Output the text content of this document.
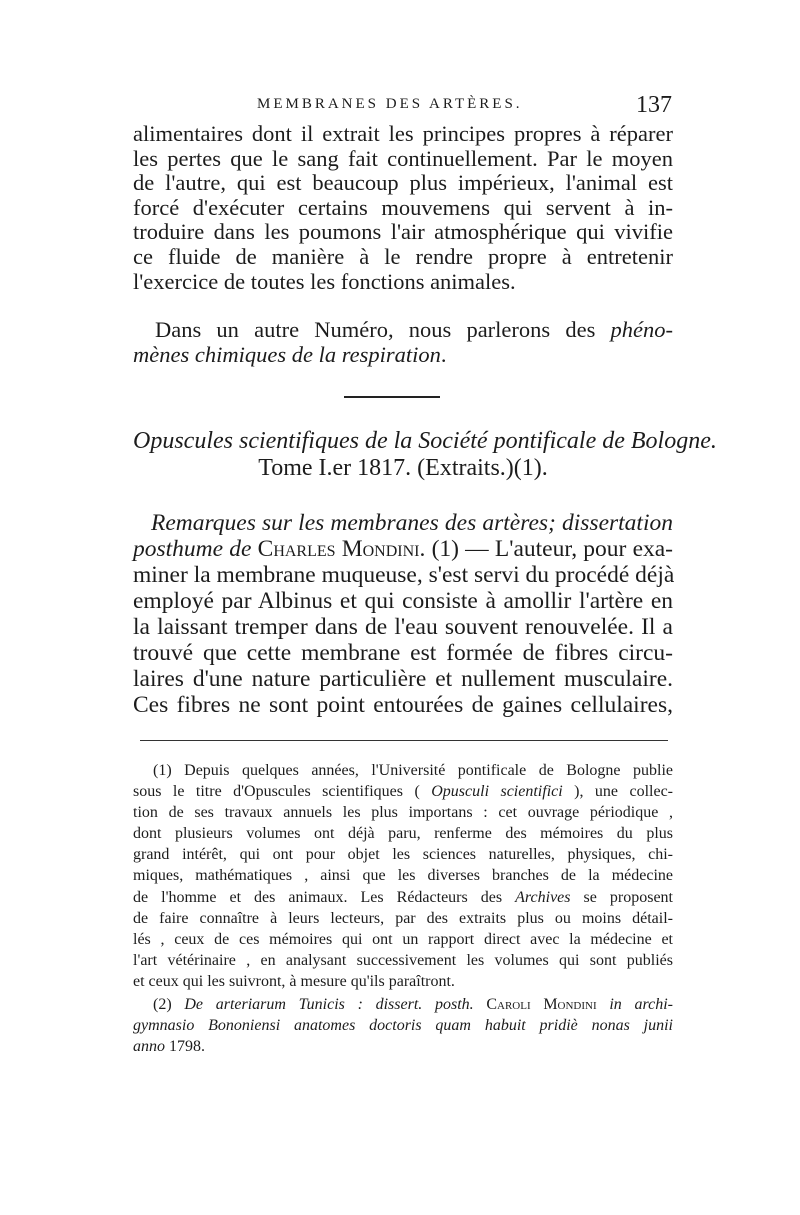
MEMBRANES DES ARTÈRES.	137
alimentaires dont il extrait les principes propres à réparer
les pertes que le sang fait continuellement. Par le moyen
de l'autre, qui est beaucoup plus impérieux, l'animal est
forcé d'exécuter certains mouvemens qui servent à in-
troduire dans les poumons l'air atmosphérique qui vivifie
ce fluide de manière à le rendre propre à entretenir
l'exercice de toutes les fonctions animales.
Dans un autre Numéro, nous parlerons des phéno-
mènes chimiques de la respiration.
Opuscules scientifiques de la Société pontificale de Bologne.
Tome I.er 1817. (Extraits.)(1).
Remarques sur les membranes des artères; dissertation
posthume de Charles Mondini. (1) — L'auteur, pour exa-
miner la membrane muqueuse, s'est servi du procédé déjà
employé par Albinus et qui consiste à amollir l'artère en
la laissant tremper dans de l'eau souvent renouvelée. Il a
trouvé que cette membrane est formée de fibres circu-
laires d'une nature particulière et nullement musculaire.
Ces fibres ne sont point entourées de gaines cellulaires,
(1) Depuis quelques années, l'Université pontificale de Bologne publie
sous le titre d'Opuscules scientifiques ( Opusculi scientifici ), une collec-
tion de ses travaux annuels les plus importans : cet ouvrage périodique ,
dont plusieurs volumes ont déjà paru, renferme des mémoires du plus
grand intérêt, qui ont pour objet les sciences naturelles, physiques, chi-
miques, mathématiques , ainsi que les diverses branches de la médecine
de l'homme et des animaux. Les Rédacteurs des Archives se proposent
de faire connaître à leurs lecteurs, par des extraits plus ou moins détail-
lés , ceux de ces mémoires qui ont un rapport direct avec la médecine et
l'art vétérinaire , en analysant successivement les volumes qui sont publiés
et ceux qui les suivront, à mesure qu'ils paraîtront.
(2) De arteriarum Tunicis : dissert. posth. Caroli Mondini in archi-
gymnasio Bononiensi anatomes doctoris quam habuit pridiè nonas junii
anno 1798.
